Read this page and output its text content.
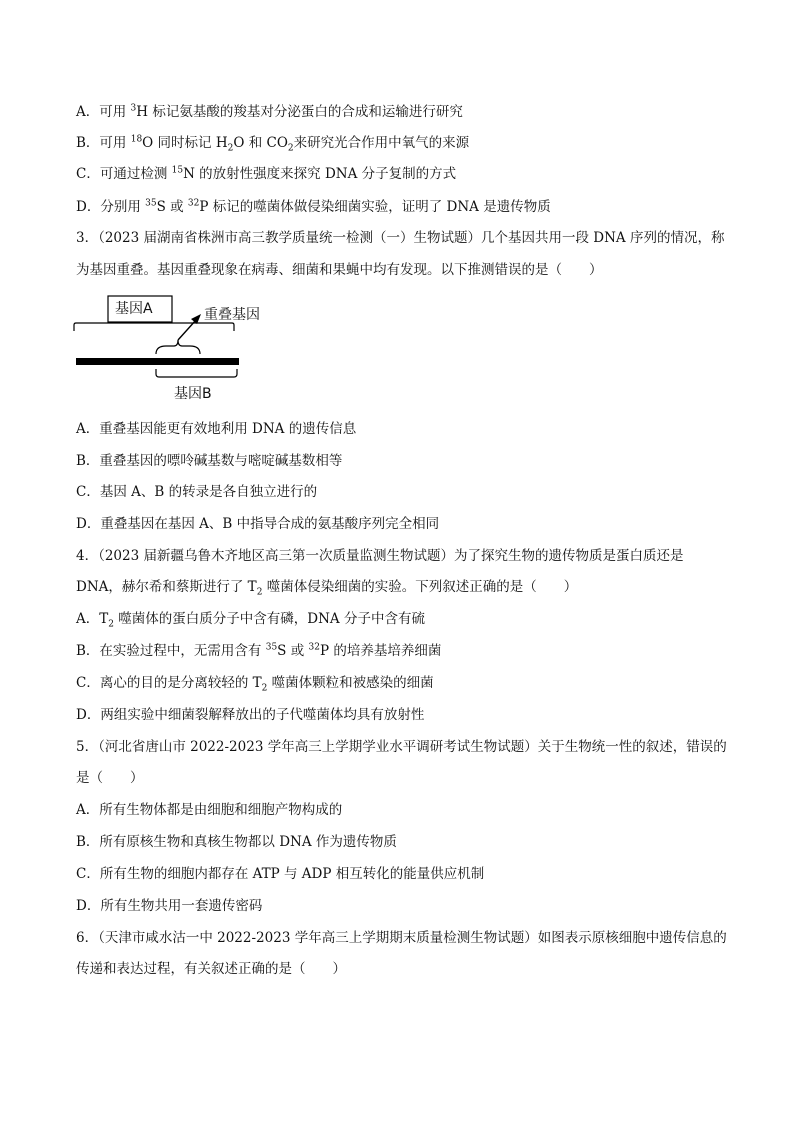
A．可用 $^3$H 标记氨基酸的羧基对分泌蛋白的合成和运输进行研究
B．可用 $^{18}$O 同时标记 $H_2O$ 和 $CO_2$来研究光合作用中氧气的来源
C．可通过检测 $^{15}$N 的放射性强度来探究 DNA 分子复制的方式
D．分别用 $^{35}$S 或 $^{32}$P 标记的噬菌体做侵染细菌实验，证明了 DNA 是遗传物质
3．（2023 届湖南省株洲市高三教学质量统一检测（一）生物试题）几个基因共用一段 DNA 序列的情况，称
为基因重叠。基因重叠现象在病毒、细菌和果蝇中均有发现。以下推测错误的是（　　）
基因A	重叠基因
基因B
A．重叠基因能更有效地利用 DNA 的遗传信息
B．重叠基因的嘌呤碱基数与嘧啶碱基数相等
C．基因 A、B 的转录是各自独立进行的
D．重叠基因在基因 A、B 中指导合成的氨基酸序列完全相同
4．（2023 届新疆乌鲁木齐地区高三第一次质量监测生物试题）为了探究生物的遗传物质是蛋白质还是
DNA，赫尔希和蔡斯进行了 $T_2$ 噬菌体侵染细菌的实验。下列叙述正确的是（　　）
A．$T_2$ 噬菌体的蛋白质分子中含有磷，DNA 分子中含有硫
B．在实验过程中，无需用含有 $^{35}$S 或 $^{32}$P 的培养基培养细菌
C．离心的目的是分离较轻的 $T_2$ 噬菌体颗粒和被感染的细菌
D．两组实验中细菌裂解释放出的子代噬菌体均具有放射性
5．（河北省唐山市 2022-2023 学年高三上学期学业水平调研考试生物试题）关于生物统一性的叙述，错误的
是（　　）
A．所有生物体都是由细胞和细胞产物构成的
B．所有原核生物和真核生物都以 DNA 作为遗传物质
C．所有生物的细胞内都存在 ATP 与 ADP 相互转化的能量供应机制
D．所有生物共用一套遗传密码
6．（天津市咸水沽一中 2022-2023 学年高三上学期期末质量检测生物试题）如图表示原核细胞中遗传信息的
传递和表达过程，有关叙述正确的是（　　）
